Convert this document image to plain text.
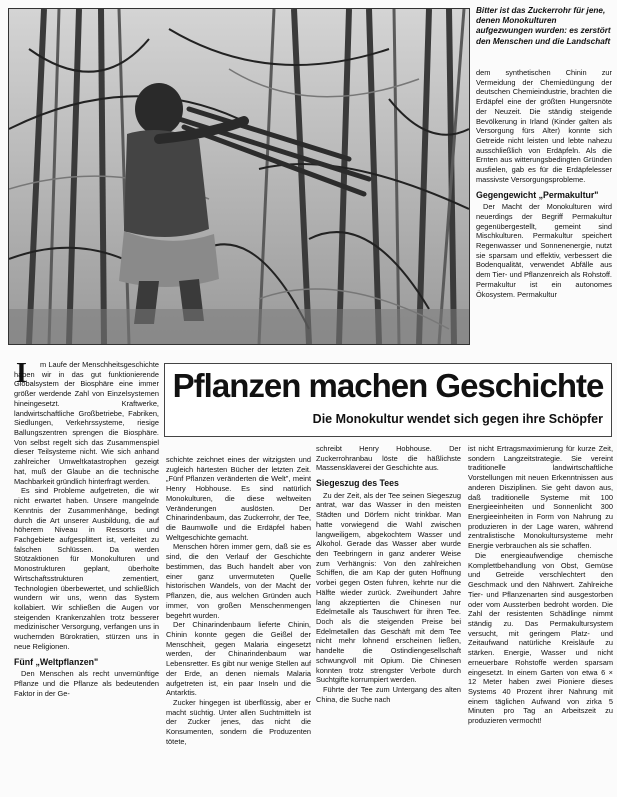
Bitter ist das Zuckerrohr für jene, denen Monokulturen aufgezwungen wurden: es zerstört den Menschen und die Landschaft

dem synthetischen Chinin zur Vermeidung der Chemiedüngung der deutschen Chemieindustrie, brachten die Erdäpfel eine der größten Hungersnöte der Neuzeit. Die ständig steigende Bevölkerung in Irland (Kinder galten als Versorgung fürs Alter) konnte sich Getreide nicht leisten und lebte nahezu ausschließlich von Erdäpfeln. Als die Ernten aus witterungsbedingten Gründen ausfielen, gab es für die Erdäpfelesser massivste Versorgungsprobleme.

Gegengewicht „Permakultur"

Der Macht der Monokulturen wird neuerdings der Begriff Permakultur gegenübergestellt, gemeint sind Mischkulturen. Permakultur speichert Regenwasser und Sonnenenergie, nutzt sie sparsam und effektiv, verbessert die Bodenqualität, verwendet Abfälle aus dem Tier- und Pflanzenreich als Rohstoff. Permakultur ist ein autonomes Ökosystem. Permakultur

Pflanzen machen Geschichte
Die Monokultur wendet sich gegen ihre Schöpfer
I	m Laufe der Menschheitsgeschichte haben wir in das gut funktionierende Globalsystem der Biosphäre eine immer größer werdende Zahl von Einzelsystemen hineingesetzt. Kraftwerke, landwirtschaftliche Großbetriebe, Fabriken, Siedlungen, Verkehrssysteme, riesige Ballungszentren sprengen die Biosphäre. Von selbst regelt sich das Zusammenspiel dieser Teilsysteme nicht. Wie sich anhand zahlreicher Umweltkatastrophen gezeigt hat, muß der Glaube an die technische Machbarkeit gründlich hinterfragt werden.

Es sind Probleme aufgetreten, die wir nicht erwartet haben. Unsere mangelnde Kenntnis der Zusammenhänge, bedingt durch die Art unserer Ausbildung, die auf höherem Niveau in Ressorts und Fachgebiete aufgesplittert ist, verleitet zu falschen Schlüssen. Da werden Stützaktionen für Monokulturen und Monostrukturen geplant, überholte Wirtschaftsstrukturen zementiert, Technologien überbewertet, und schließlich wundern wir uns, wenn das System kollabiert. Wir schließen die Augen vor steigenden Krankenzahlen trotz besserer medizinischer Versorgung, verfangen uns in wuchernden Bürokratien, stürzen uns in neue Religionen.

Fünf „Weltpflanzen"

Den Menschen als recht unvernünftige Pflanze und die Pflanze als bedeutenden Faktor in der Ge-

schichte zeichnet eines der witzigsten und zugleich härtesten Bücher der letzten Zeit. „Fünf Pflanzen veränderten die Welt", meint Henry Hobhouse. Es sind natürlich Monokulturen, die diese weltweiten Veränderungen auslösten. Der Chinarindenbaum, das Zuckerrohr, der Tee, die Baumwolle und die Erdäpfel haben Weltgeschichte gemacht.

Menschen hören immer gern, daß sie es sind, die den Verlauf der Geschichte bestimmen, das Buch handelt aber von einer ganz unvermuteten Quelle historischen Wandels, von der Macht der Pflanzen, die, aus welchen Gründen auch immer, von großen Menschenmengen begehrt wurden.

Der Chinarindenbaum lieferte Chinin, Chinin konnte gegen die Geißel der Menschheit, gegen Malaria eingesetzt werden, der Chinarindenbaum war Lebensretter. Es gibt nur wenige Stellen auf der Erde, an denen niemals Malaria aufgetreten ist, ein paar Inseln und die Antarktis.

Zucker hingegen ist überflüssig, aber er macht süchtig. Unter allen Suchtmitteln ist der Zucker jenes, das nicht die Konsumenten, sondern die Produzenten tötete,

schreibt Henry Hobhouse. Der Zuckerrohranbau löste die häßlichste Massensklaverei der Geschichte aus.

Siegeszug des Tees

Zu der Zeit, als der Tee seinen Siegeszug antrat, war das Wasser in den meisten Städten und Dörfern nicht trinkbar. Man hatte vorwiegend die Wahl zwischen langweiligem, abgekochtem Wasser und Alkohol. Gerade das Wasser aber wurde den Teebringern in ganz anderer Weise zum Verhängnis: Von den zahlreichen Schiffen, die am Kap der guten Hoffnung vorbei gegen Osten fuhren, kehrte nur die Hälfte wieder zurück. Zweihundert Jahre lang akzeptierten die Chinesen nur Edelmetalle als Tauschwert für ihren Tee. Doch als die steigenden Preise bei Edelmetallen das Geschäft mit dem Tee nicht mehr lohnend erscheinen ließen, handelte die Ostindiengesellschaft schwungvoll mit Opium. Die Chinesen konnten trotz strengster Verbote durch Suchtgifte korrumpiert werden.

Führte der Tee zum Untergang des alten China, die Suche nach

ist nicht Ertragsmaximierung für kurze Zeit, sondern Langzeitstrategie. Sie vereint traditionelle landwirtschaftliche Vorstellungen mit neuen Erkenntnissen aus anderen Disziplinen. Sie geht davon aus, daß traditionelle Systeme mit 100 Energieeinheiten und Sonnenlicht 300 Energieeinheiten in Form von Nahrung zu produzieren in der Lage waren, während zentralistische Monokultursysteme mehr Energie verbrauchen als sie schaffen.

Die energieaufwendige chemische Komplettbehandlung von Obst, Gemüse und Getreide verschlechtert den Geschmack und den Nährwert. Zahlreiche Tier- und Pflanzenarten sind ausgestorben oder vom Aussterben bedroht worden. Die Zahl der resistenten Schädlinge nimmt ständig zu. Das Permakultursystem versucht, mit geringem Platz- und Zeitaufwand natürliche Kreisläufe zu stärken. Energie, Wasser und nicht erneuerbare Rohstoffe werden sparsam eingesetzt. In einem Garten von etwa 6 × 12 Meter haben zwei Pioniere dieses Systems 40 Prozent ihrer Nahrung mit einem täglichen Aufwand von zirka 5 Minuten pro Tag an Arbeitszeit zu produzieren vermocht!
